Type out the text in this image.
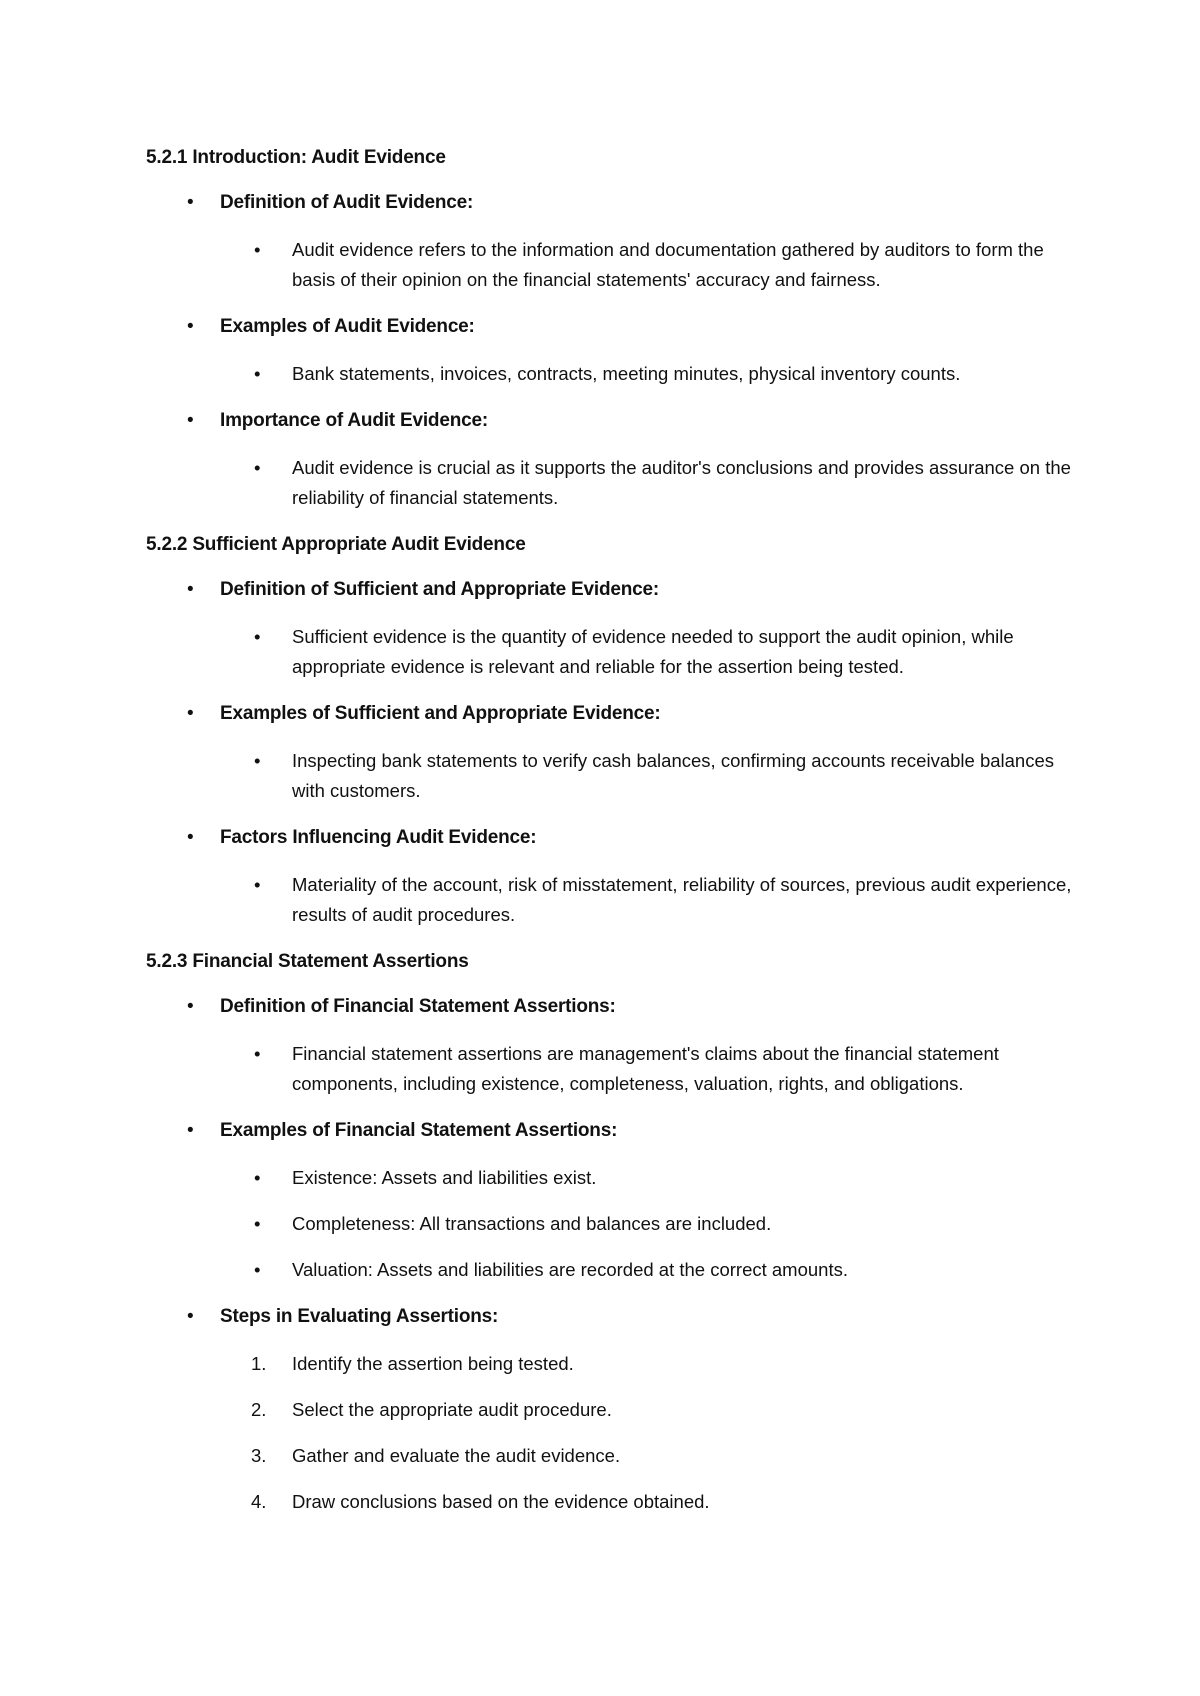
5.2.1 Introduction: Audit Evidence
• Definition of Audit Evidence:
• Audit evidence refers to the information and documentation gathered by auditors to form the basis of their opinion on the financial statements' accuracy and fairness.
• Examples of Audit Evidence:
• Bank statements, invoices, contracts, meeting minutes, physical inventory counts.
• Importance of Audit Evidence:
• Audit evidence is crucial as it supports the auditor's conclusions and provides assurance on the reliability of financial statements.
5.2.2 Sufficient Appropriate Audit Evidence
• Definition of Sufficient and Appropriate Evidence:
• Sufficient evidence is the quantity of evidence needed to support the audit opinion, while appropriate evidence is relevant and reliable for the assertion being tested.
• Examples of Sufficient and Appropriate Evidence:
• Inspecting bank statements to verify cash balances, confirming accounts receivable balances with customers.
• Factors Influencing Audit Evidence:
• Materiality of the account, risk of misstatement, reliability of sources, previous audit experience, results of audit procedures.
5.2.3 Financial Statement Assertions
• Definition of Financial Statement Assertions:
• Financial statement assertions are management's claims about the financial statement components, including existence, completeness, valuation, rights, and obligations.
• Examples of Financial Statement Assertions:
• Existence: Assets and liabilities exist.
• Completeness: All transactions and balances are included.
• Valuation: Assets and liabilities are recorded at the correct amounts.
• Steps in Evaluating Assertions:
1. Identify the assertion being tested.
2. Select the appropriate audit procedure.
3. Gather and evaluate the audit evidence.
4. Draw conclusions based on the evidence obtained.
